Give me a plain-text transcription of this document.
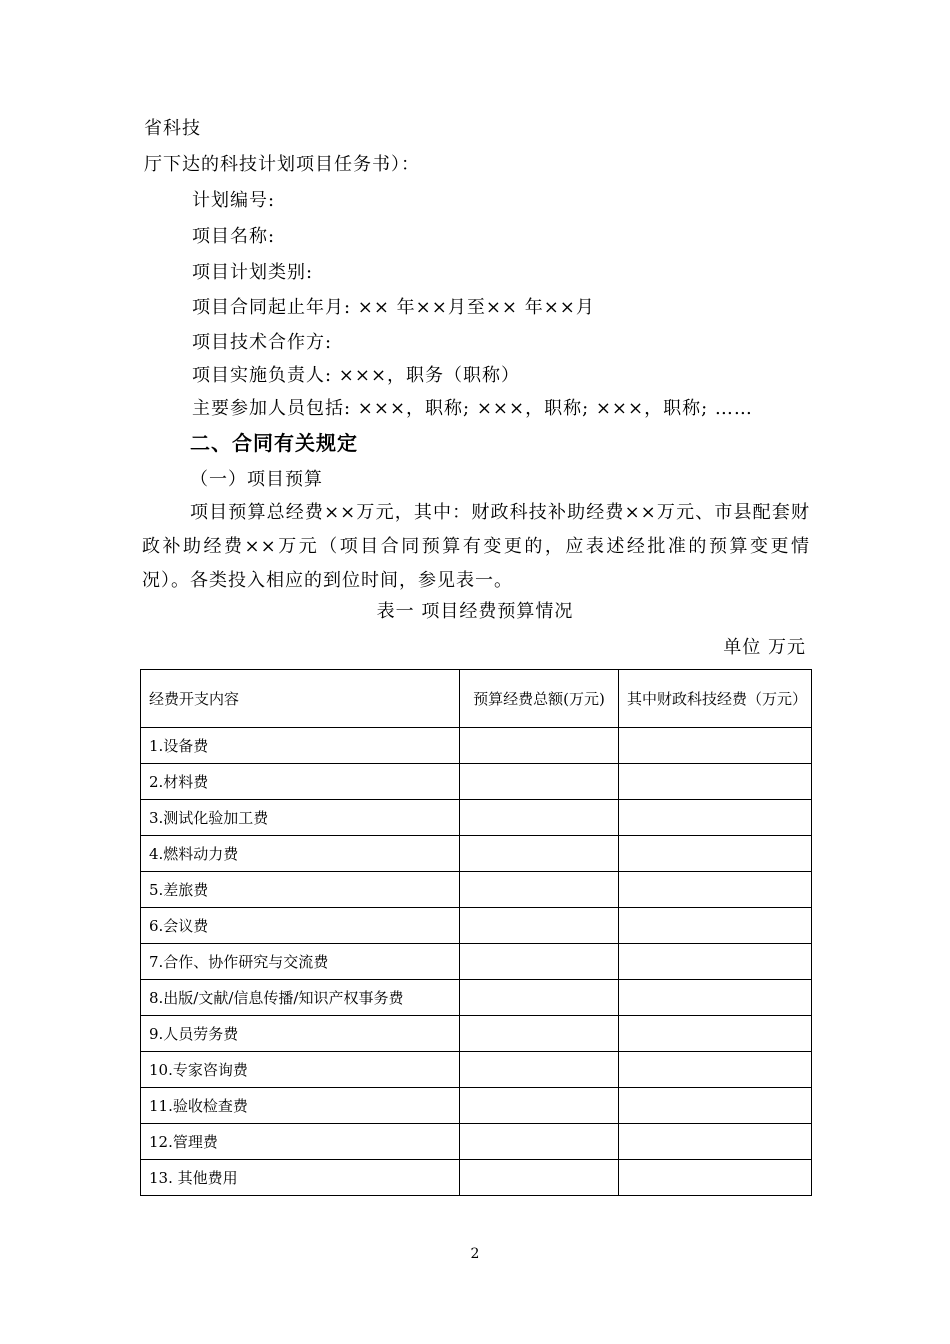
省科技
厅下达的科技计划项目任务书）：
计划编号:
项目名称:
项目计划类别:
项目合同起止年月: ×× 年××月至×× 年××月
项目技术合作方:
项目实施负责人: ×××，职务（职称）
主要参加人员包括: ×××，职称; ×××，职称; ×××，职称; ……
二、合同有关规定
（一）项目预算
项目预算总经费××万元，其中：财政科技补助经费××万元、市县配套财政补助经费××万元（项目合同预算有变更的，应表述经批准的预算变更情况）。各类投入相应的到位时间，参见表一。
表一 项目经费预算情况
单位 万元
经费开支内容	预算经费总额(万元)	其中财政科技经费（万元）
1.设备费		
2.材料费		
3.测试化验加工费		
4.燃料动力费		
5.差旅费		
6.会议费		
7.合作、协作研究与交流费		
8.出版/文献/信息传播/知识产权事务费		
9.人员劳务费		
10.专家咨询费		
11.验收检查费		
12.管理费		
13. 其他费用		
2
